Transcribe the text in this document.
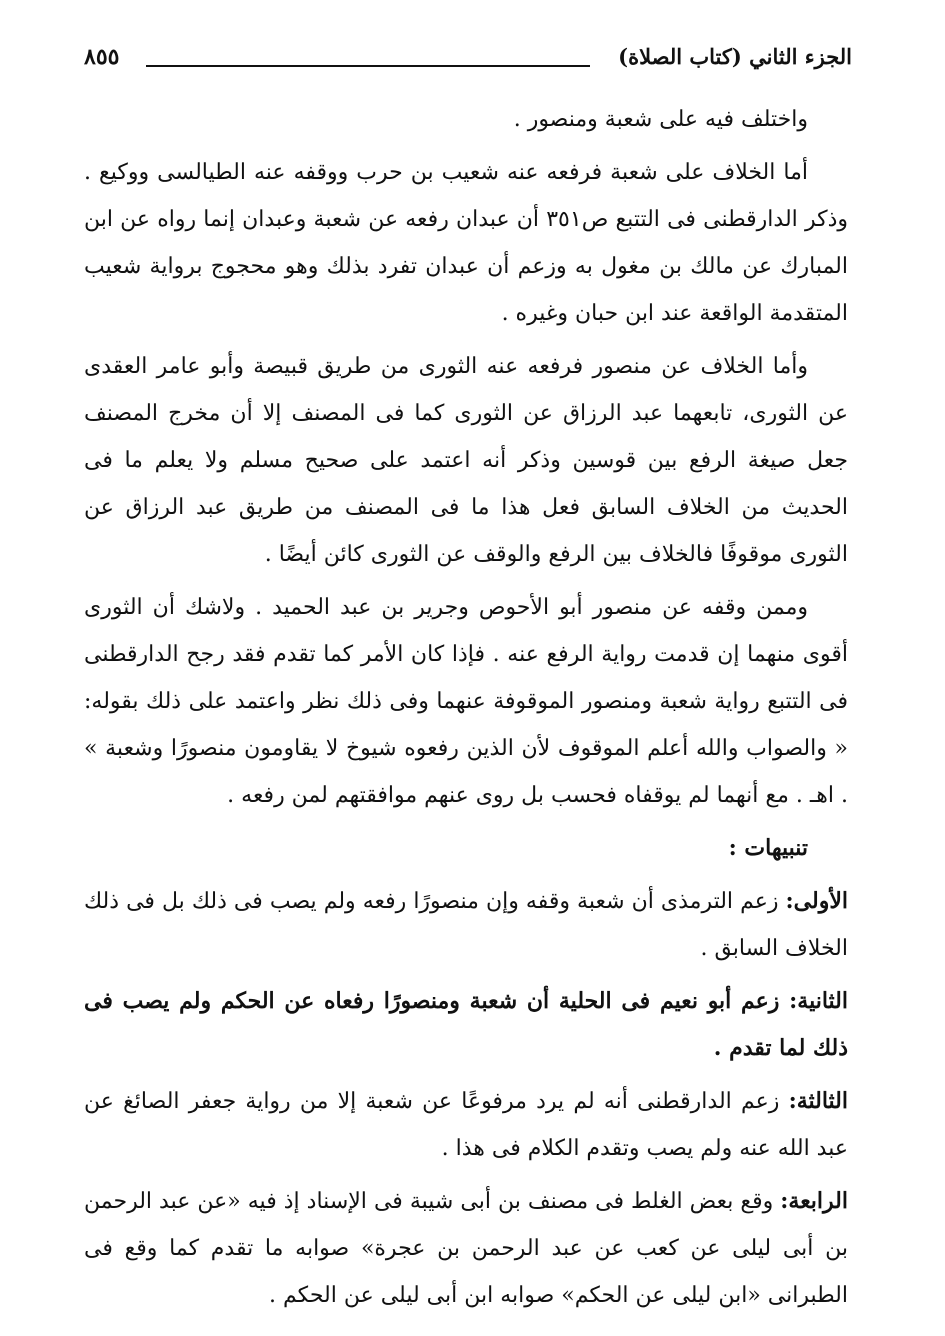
الجزء الثاني (كتاب الصلاة)
٨٥٥

واختلف فيه على شعبة ومنصور .

أما الخلاف على شعبة فرفعه عنه شعيب بن حرب ووقفه عنه الطيالسى ووكيع . وذكر الدارقطنى فى التتبع ص٣٥١ أن عبدان رفعه عن شعبة وعبدان إنما رواه عن ابن المبارك عن مالك بن مغول به وزعم أن عبدان تفرد بذلك وهو محجوج برواية شعيب المتقدمة الواقعة عند ابن حبان وغيره .

وأما الخلاف عن منصور فرفعه عنه الثورى من طريق قبيصة وأبو عامر العقدى عن الثورى، تابعهما عبد الرزاق عن الثورى كما فى المصنف إلا أن مخرج المصنف جعل صيغة الرفع بين قوسين وذكر أنه اعتمد على صحيح مسلم ولا يعلم ما فى الحديث من الخلاف السابق فعل هذا ما فى المصنف من طريق عبد الرزاق عن الثورى موقوفًا فالخلاف بين الرفع والوقف عن الثورى كائن أيضًا .

وممن وقفه عن منصور أبو الأحوص وجرير بن عبد الحميد . ولاشك أن الثورى أقوى منهما إن قدمت رواية الرفع عنه . فإذا كان الأمر كما تقدم فقد رجح الدارقطنى فى التتبع رواية شعبة ومنصور الموقوفة عنهما وفى ذلك نظر واعتمد على ذلك بقوله: « والصواب والله أعلم الموقوف لأن الذين رفعوه شيوخ لا يقاومون منصورًا وشعبة » . اهـ . مع أنهما لم يوقفاه فحسب بل روى عنهم موافقتهم لمن رفعه .

تنبيهات :

الأولى: زعم الترمذى أن شعبة وقفه وإن منصورًا رفعه ولم يصب فى ذلك بل فى ذلك الخلاف السابق .

الثانية: زعم أبو نعيم فى الحلية أن شعبة ومنصورًا رفعاه عن الحكم ولم يصب فى ذلك لما تقدم .

الثالثة: زعم الدارقطنى أنه لم يرد مرفوعًا عن شعبة إلا من رواية جعفر الصائغ عن عبد الله عنه ولم يصب وتقدم الكلام فى هذا .

الرابعة: وقع بعض الغلط فى مصنف بن أبى شيبة فى الإسناد إذ فيه «عن عبد الرحمن بن أبى ليلى عن كعب عن عبد الرحمن بن عجرة» صوابه ما تقدم كما وقع فى الطبرانى «ابن ليلى عن الحكم» صوابه ابن أبى ليلى عن الحكم .
